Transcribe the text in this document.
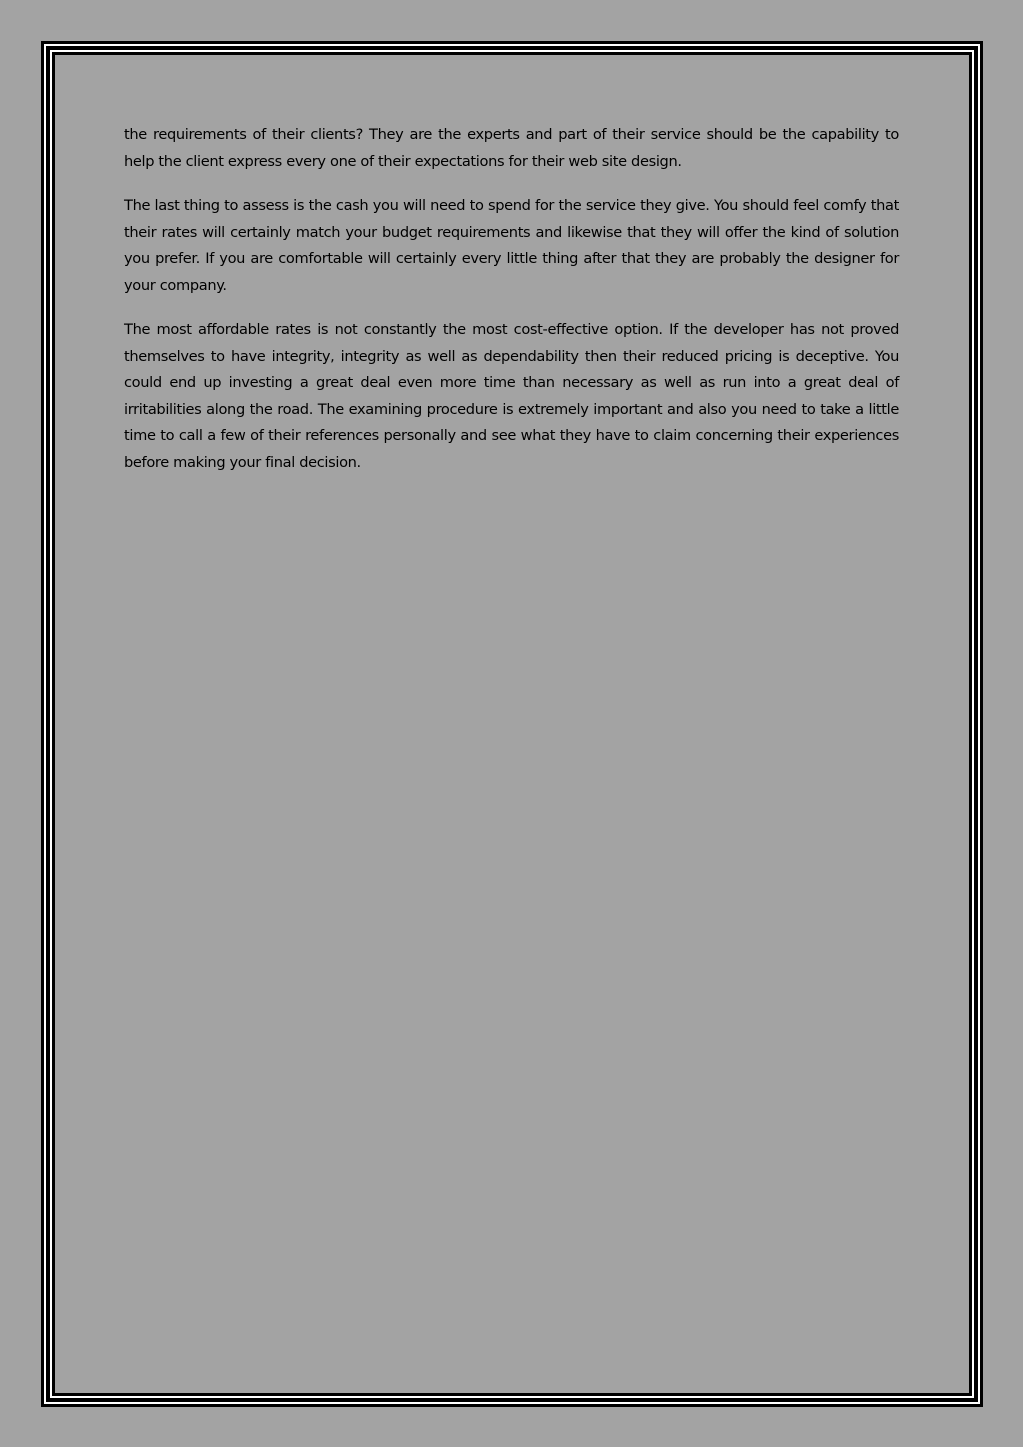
the requirements of their clients? They are the experts and part of their service should be the capability to help the client express every one of their expectations for their web site design.

The last thing to assess is the cash you will need to spend for the service they give. You should feel comfy that their rates will certainly match your budget requirements and likewise that they will offer the kind of solution you prefer. If you are comfortable will certainly every little thing after that they are probably the designer for your company.

The most affordable rates is not constantly the most cost-effective option. If the developer has not proved themselves to have integrity, integrity as well as dependability then their reduced pricing is deceptive. You could end up investing a great deal even more time than necessary as well as run into a great deal of irritabilities along the road. The examining procedure is extremely important and also you need to take a little time to call a few of their references personally and see what they have to claim concerning their experiences before making your final decision.
